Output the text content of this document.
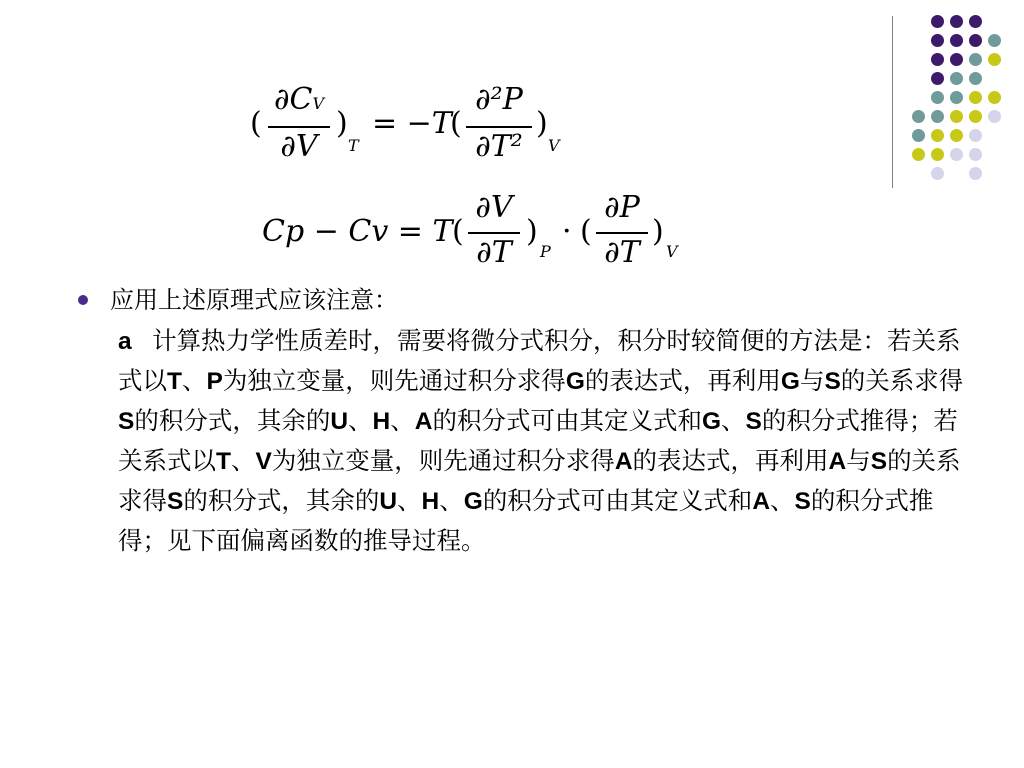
(
∂CV
∂V
)
T
= −T
(
∂²P
∂T²
)
V
Cp − Cv = T (
∂V
∂T
)
P
· (
∂P
∂T
)
V
应用上述原理式应该注意：
a 计算热力学性质差时，需要将微分式积分，积分时较简便的方法是：若关系式以T、P为独立变量，则先通过积分求得G的表达式，再利用G与S的关系求得S的积分式，其余的U、H、A的积分式可由其定义式和G、S的积分式推得；若关系式以T、V为独立变量，则先通过积分求得A的表达式，再利用A与S的关系求得S的积分式，其余的U、H、G的积分式可由其定义式和A、S的积分式推得；见下面偏离函数的推导过程。
